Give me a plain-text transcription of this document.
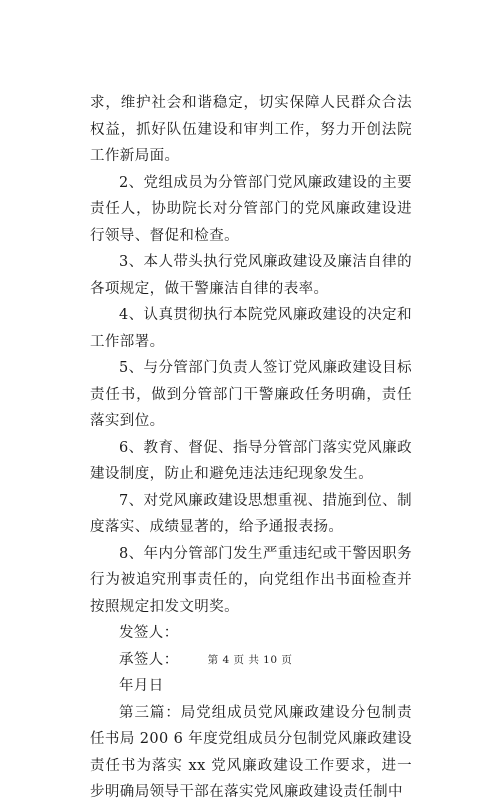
求，维护社会和谐稳定，切实保障人民群众合法权益，抓好队伍建设和审判工作，努力开创法院工作新局面。

2、党组成员为分管部门党风廉政建设的主要责任人，协助院长对分管部门的党风廉政建设进行领导、督促和检查。

3、本人带头执行党风廉政建设及廉洁自律的各项规定，做干警廉洁自律的表率。

4、认真贯彻执行本院党风廉政建设的决定和工作部署。

5、与分管部门负责人签订党风廉政建设目标责任书，做到分管部门干警廉政任务明确，责任落实到位。

6、教育、督促、指导分管部门落实党风廉政建设制度，防止和避免违法违纪现象发生。

7、对党风廉政建设思想重视、措施到位、制度落实、成绩显著的，给予通报表扬。

8、年内分管部门发生严重违纪或干警因职务行为被追究刑事责任的，向党组作出书面检查并按照规定扣发文明奖。

发签人：

承签人：

年月日

第三篇：局党组成员党风廉政建设分包制责任书局 200 6 年度党组成员分包制党风廉政建设责任书为落实 xx 党风廉政建设工作要求，进一步明确局领导干部在落实党风廉政建设责任制中

第 4 页 共 10 页
